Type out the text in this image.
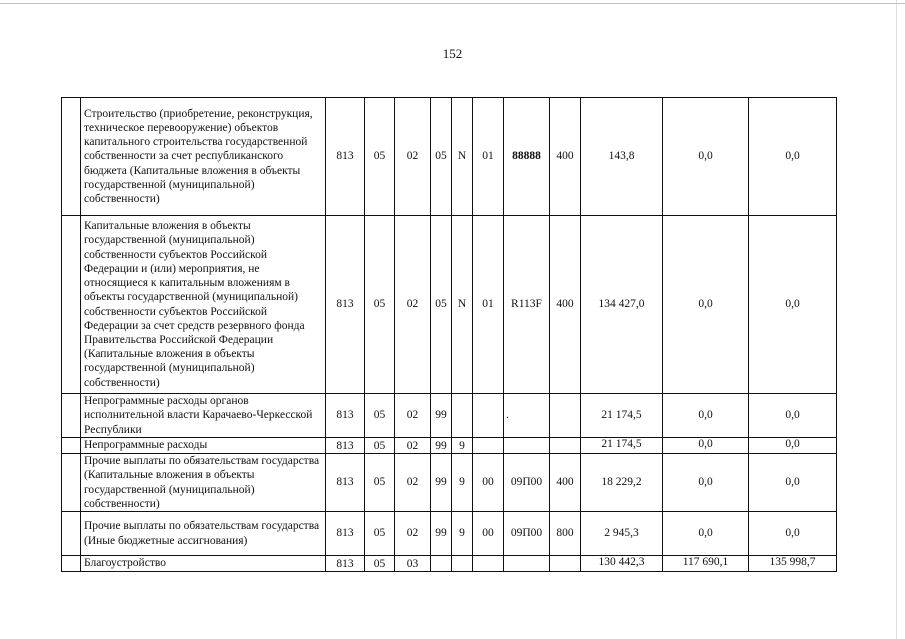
152
	Строительство (приобретение, реконструкция, техническое перевооружение) объектов капитального строительства государственной собственности за счет республиканского бюджета (Капитальные вложения в объекты государственной (муниципальной) собственности)	813	05	02	05	N	01	88888	400	143,8	0,0	0,0
	Капитальные вложения в объекты государственной (муниципальной) собственности субъектов Российской Федерации и (или) мероприятия, не относящиеся к капитальным вложениям в объекты государственной (муниципальной) собственности субъектов Российской Федерации за счет средств резервного фонда Правительства Российской Федерации (Капитальные вложения в объекты государственной (муниципальной) собственности)	813	05	02	05	N	01	R113F	400	134 427,0	0,0	0,0
	Непрограммные расходы органов исполнительной власти Карачаево-Черкесской Республики	813	05	02	99			.		21 174,5	0,0	0,0
	Непрограммные расходы	813	05	02	99	9				21 174,5	0,0	0,0
	Прочие выплаты по обязательствам государства (Капитальные вложения в объекты государственной (муниципальной) собственности)	813	05	02	99	9	00	09П00	400	18 229,2	0,0	0,0
	Прочие выплаты по обязательствам государства (Иные бюджетные ассигнования)	813	05	02	99	9	00	09П00	800	2 945,3	0,0	0,0
	Благоустройство	813	05	03						130 442,3	117 690,1	135 998,7
